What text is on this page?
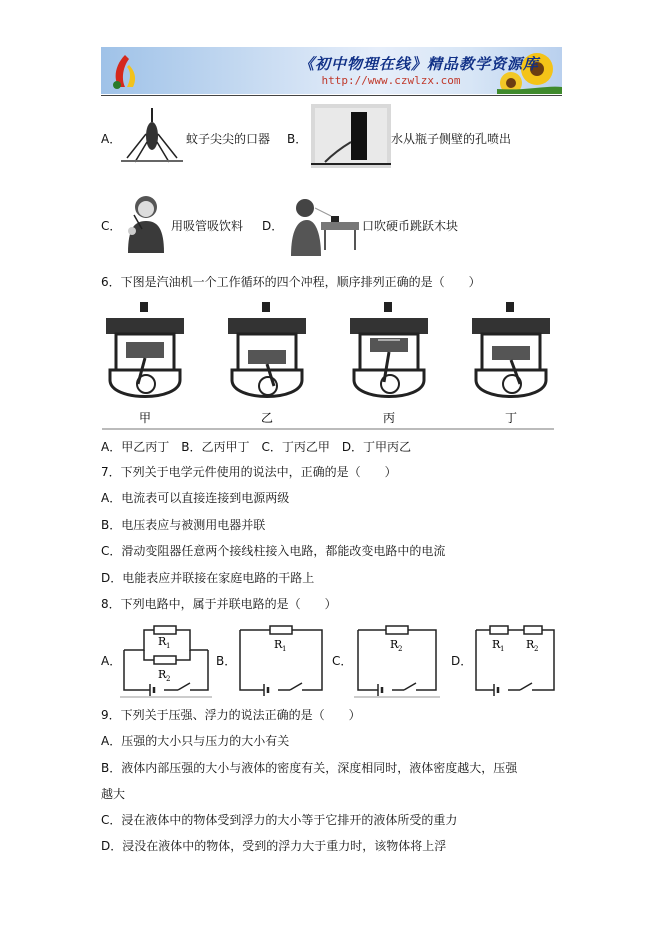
《初中物理在线》精品教学资源库
http://www.czwlzx.com
A．	蚊子尖尖的口器 B．	水从瓶子侧壁的孔喷出
C．	用吸管吸饮料 D．	口吹硬币跳跃木块
6．下图是汽油机一个工作循环的四个冲程，顺序排列正确的是（　　）
甲	乙	丙	丁
A．甲乙丙丁　B．乙丙甲丁　C．丁丙乙甲　D．丁甲丙乙
7．下列关于电学元件使用的说法中，正确的是（　　）
A．电流表可以直接连接到电源两级
B．电压表应与被测用电器并联
C．滑动变阻器任意两个接线柱接入电路，都能改变电路中的电流
D．电能表应并联接在家庭电路的干路上
8．下列电路中，属于并联电路的是（　　）
A．
R 1
R 2
B．
R 1
C．
R 2
D．
R 1 R 2
9．下列关于压强、浮力的说法正确的是（　　）
A．压强的大小只与压力的大小有关
B．液体内部压强的大小与液体的密度有关，深度相同时，液体密度越大，压强
越大
C．浸在液体中的物体受到浮力的大小等于它排开的液体所受的重力
D．浸没在液体中的物体，受到的浮力大于重力时，该物体将上浮
